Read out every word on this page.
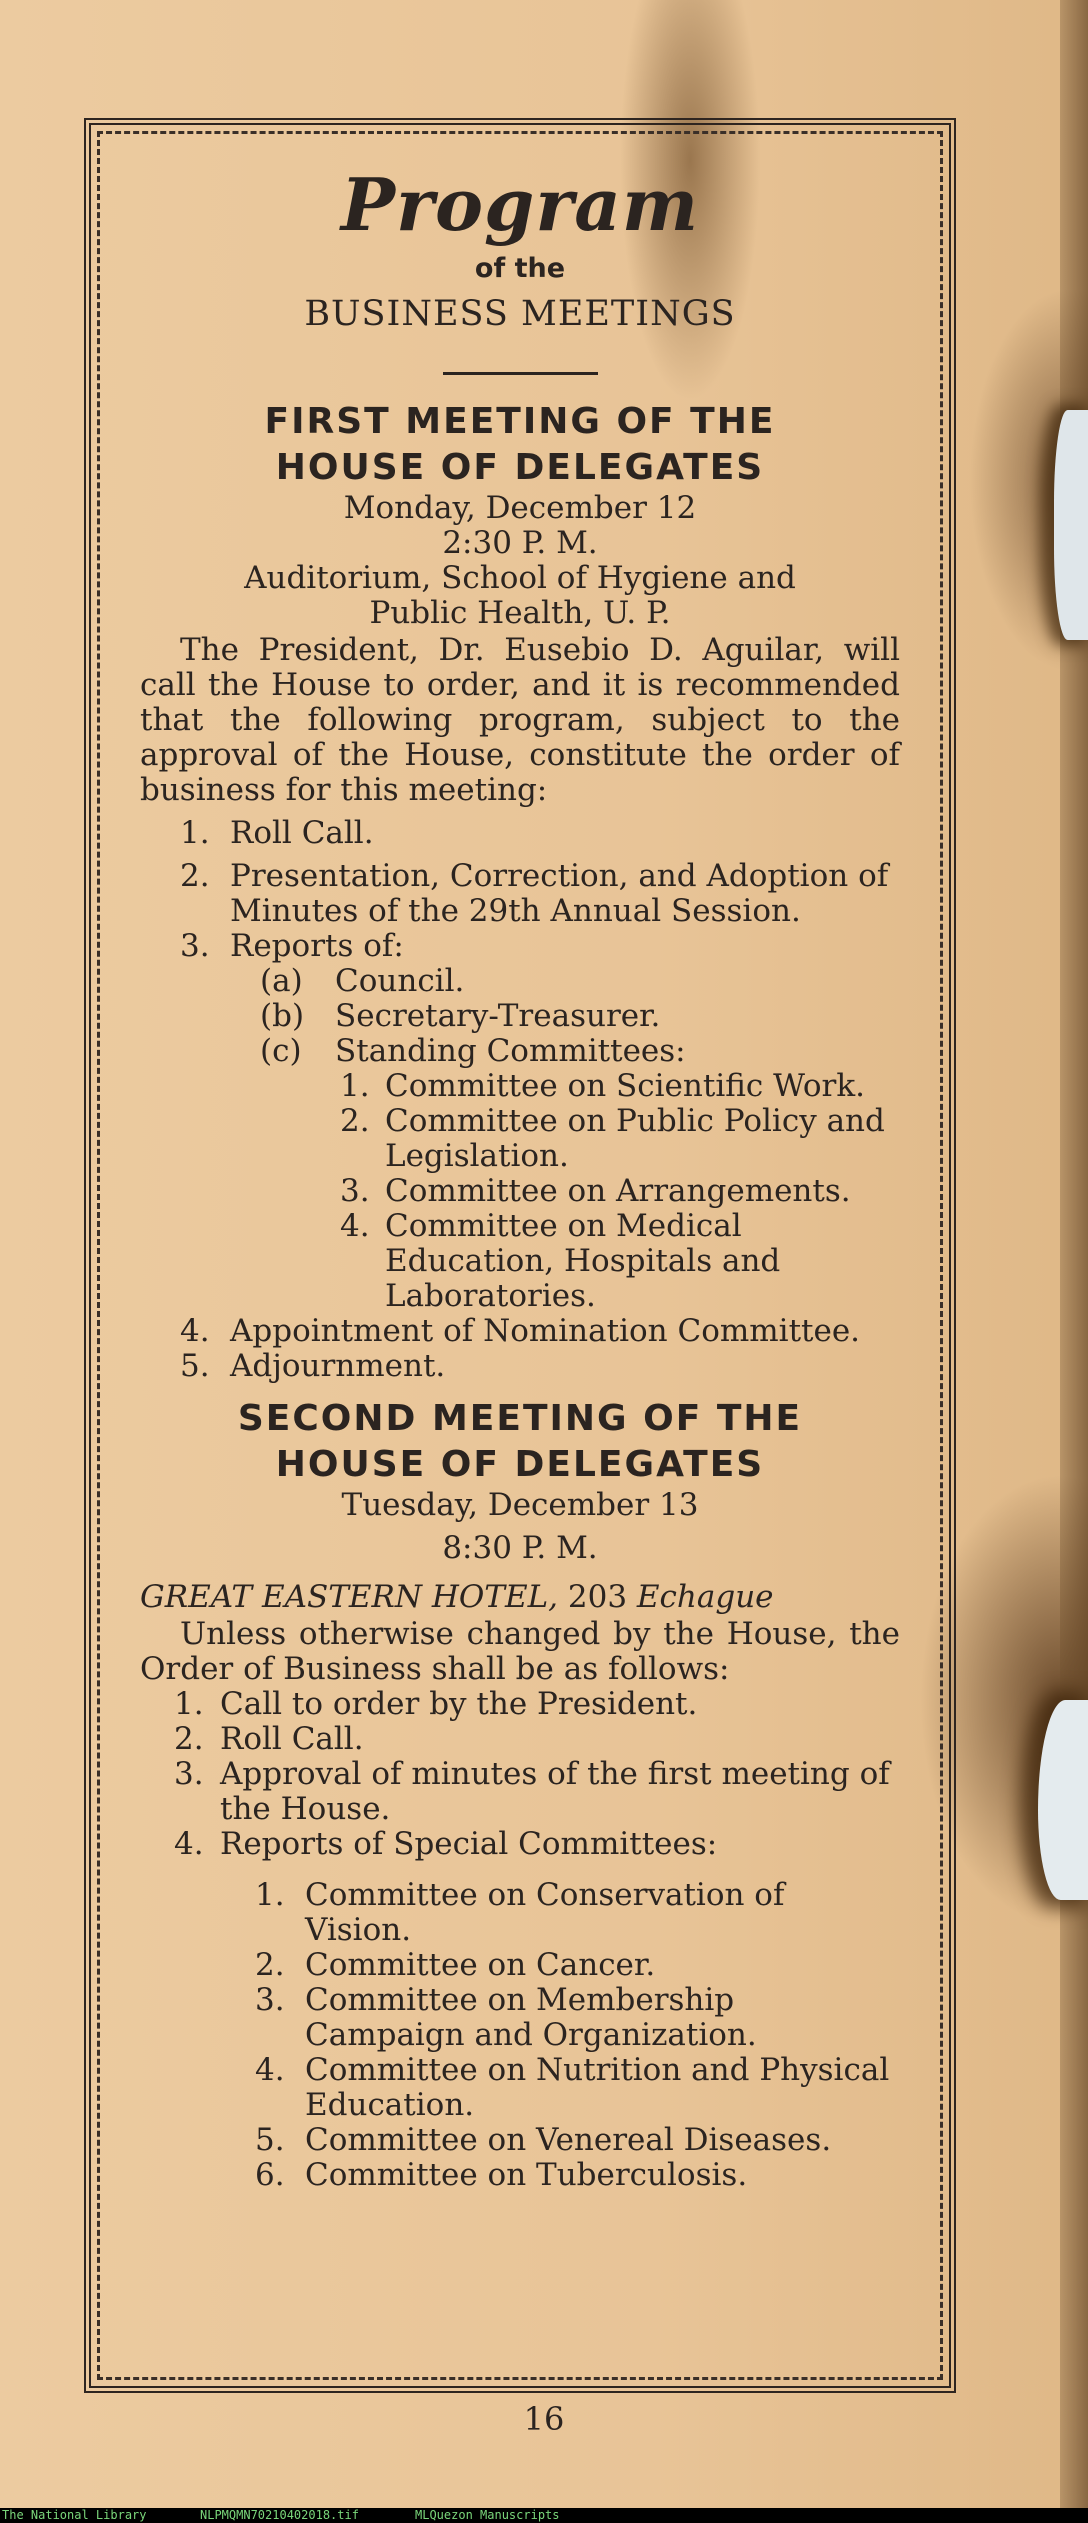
Program
of the
BUSINESS MEETINGS
FIRST MEETING OF THE
HOUSE OF DELEGATES
Monday, December 12
2:30 P. M.
Auditorium, School of Hygiene and
Public Health, U. P.
The President, Dr. Eusebio D. Aguilar, will call the House to order, and it is recommended that the following program, subject to the approval of the House, constitute the order of business for this meeting:
1. Roll Call.
2. Presentation, Correction, and Adoption of Minutes of the 29th Annual Session.
3. Reports of:
(a) Council.
(b) Secretary-Treasurer.
(c) Standing Committees:
1. Committee on Scientific Work.
2. Committee on Public Policy and Legislation.
3. Committee on Arrangements.
4. Committee on Medical Education, Hospitals and Laboratories.
4. Appointment of Nomination Committee.
5. Adjournment.
SECOND MEETING OF THE
HOUSE OF DELEGATES
Tuesday, December 13
8:30 P. M.
GREAT EASTERN HOTEL, 203 Echague
Unless otherwise changed by the House, the Order of Business shall be as follows:
1. Call to order by the President.
2. Roll Call.
3. Approval of minutes of the first meeting of the House.
4. Reports of Special Committees:
1. Committee on Conservation of Vision.
2. Committee on Cancer.
3. Committee on Membership Campaign and Organization.
4. Committee on Nutrition and Physical Education.
5. Committee on Venereal Diseases.
6. Committee on Tuberculosis.
16
The National Library	NLPMQMN70210402018.tif	MLQuezon Manuscripts
